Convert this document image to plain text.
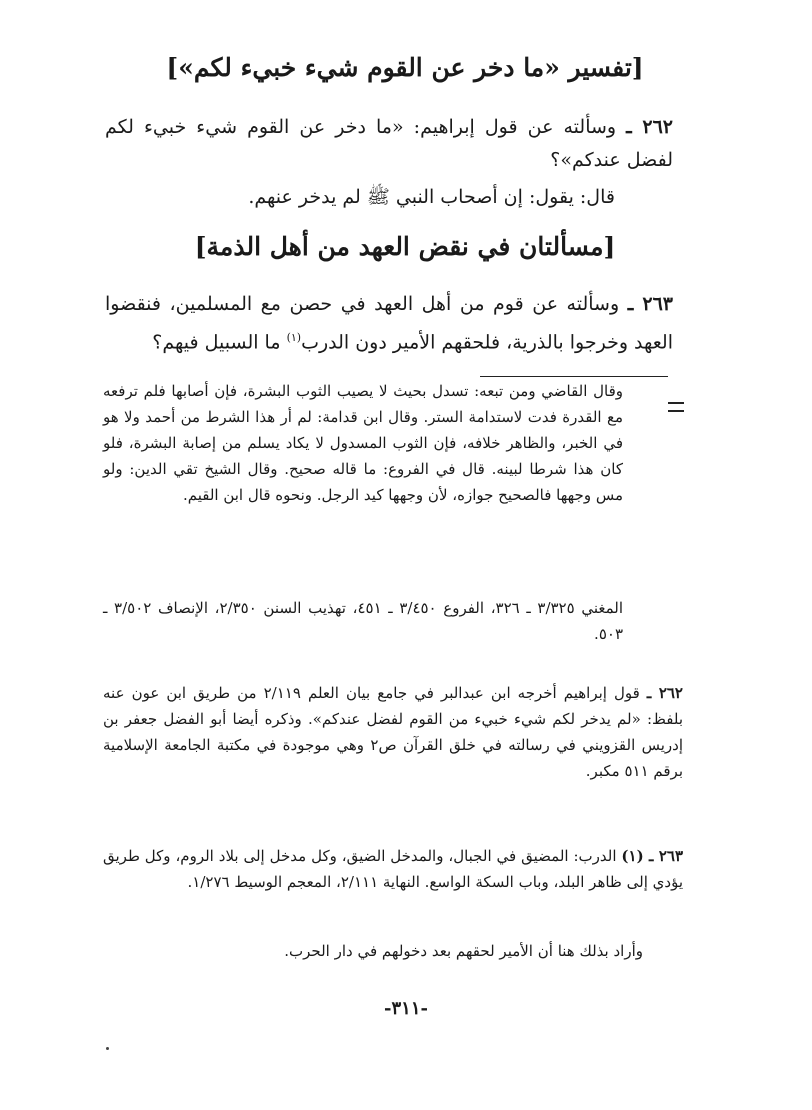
[تفسير «ما دخر عن القوم شيء خبيء لكم»]
٢٦٢ ـ وسألته عن قول إبراهيم: «ما دخر عن القوم شيء خبيء لكم لفضل عندكم»؟
قال: يقول: إن أصحاب النبي ﷺ لم يدخر عنهم.
[مسألتان في نقض العهد من أهل الذمة]
٢٦٣ ـ وسألته عن قوم من أهل العهد في حصن مع المسلمين، فنقضوا العهد وخرجوا بالذرية، فلحقهم الأمير دون الدرب$^{(١)}$ ما السبيل فيهم؟
وقال القاضي ومن تبعه: تسدل بحيث لا يصيب الثوب البشرة، فإن أصابها فلم ترفعه مع القدرة فدت لاستدامة الستر. وقال ابن قدامة: لم أر هذا الشرط من أحمد ولا هو في الخبر، والظاهر خلافه، فإن الثوب المسدول لا يكاد يسلم من إصابة البشرة، فلو كان هذا شرطا لبينه. قال في الفروع: ما قاله صحيح. وقال الشيخ تقي الدين: ولو مس وجهها فالصحيح جوازه، لأن وجهها كيد الرجل. ونحوه قال ابن القيم.
المغني ٣/٣٢٥ ـ ٣٢٦، الفروع ٣/٤٥٠ ـ ٤٥١، تهذيب السنن ٢/٣٥٠، الإنصاف ٣/٥٠٢ ـ ٥٠٣.
٢٦٢ ـ قول إبراهيم أخرجه ابن عبدالبر في جامع بيان العلم ٢/١١٩ من طريق ابن عون عنه بلفظ: «لم يدخر لكم شيء خبيء من القوم لفضل عندكم». وذكره أيضا أبو الفضل جعفر بن إدريس القزويني في رسالته في خلق القرآن ص٢ وهي موجودة في مكتبة الجامعة الإسلامية برقم ٥١١ مكبر.
٢٦٣ ـ (١) الدرب: المضيق في الجبال، والمدخل الضيق، وكل مدخل إلى بلاد الروم، وكل طريق يؤدي إلى ظاهر البلد، وباب السكة الواسع. النهاية ٢/١١١، المعجم الوسيط ١/٢٧٦.
وأراد بذلك هنا أن الأمير لحقهم بعد دخولهم في دار الحرب.
-٣١١-
